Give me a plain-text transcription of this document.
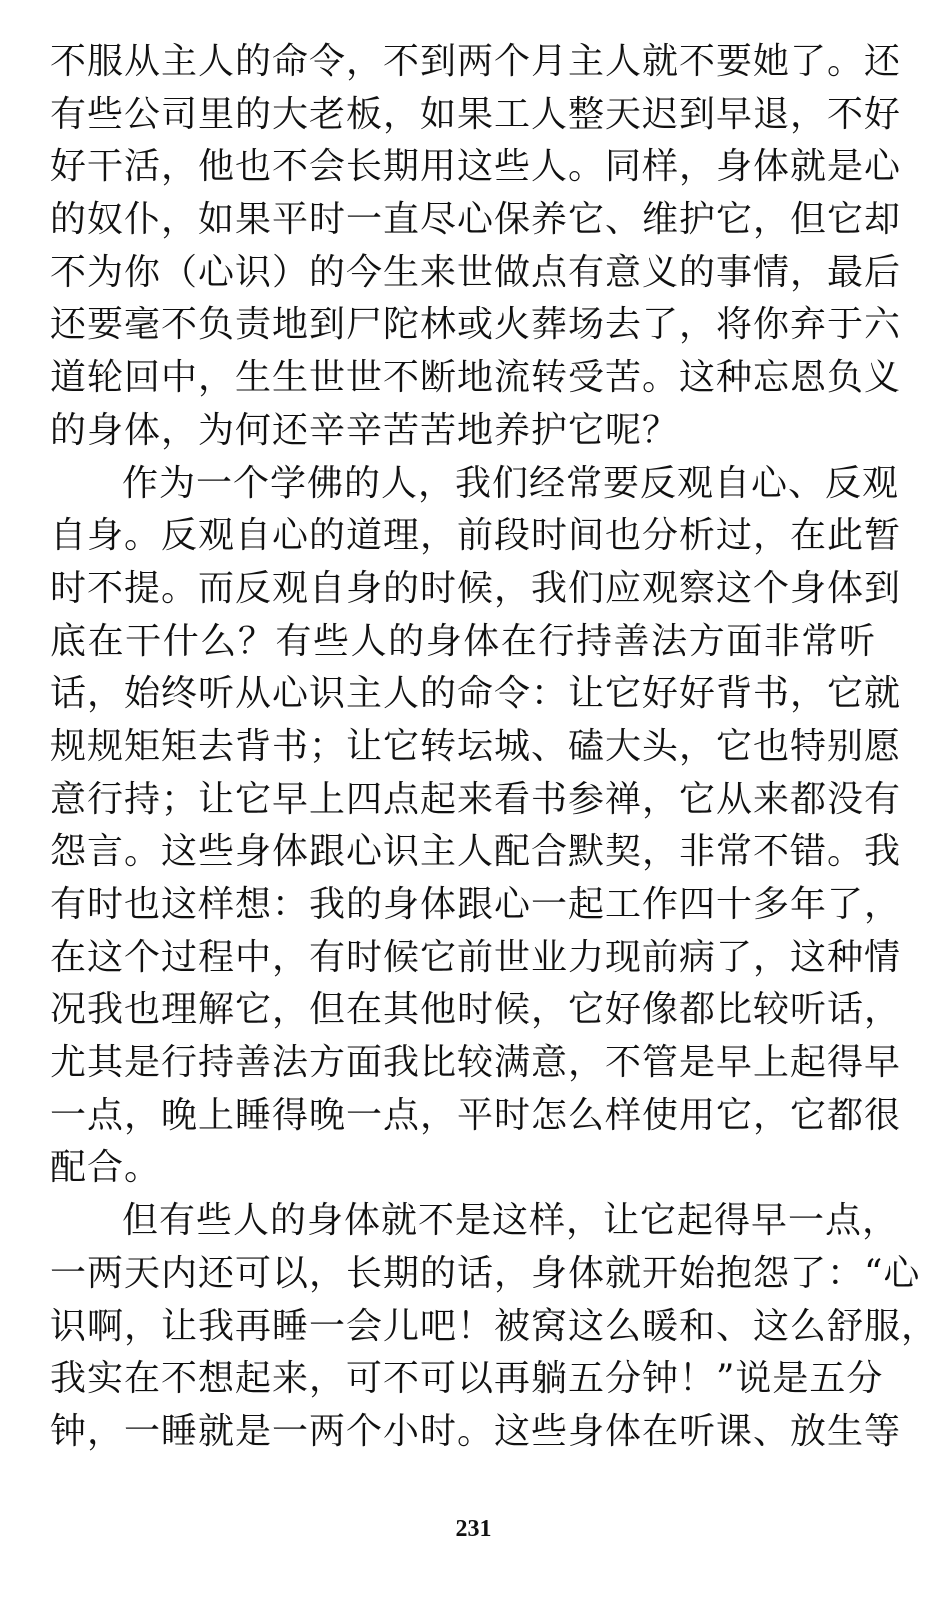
不服从主人的命令，不到两个月主人就不要她了。还
有些公司里的大老板，如果工人整天迟到早退，不好
好干活，他也不会长期用这些人。同样，身体就是心
的奴仆，如果平时一直尽心保养它、维护它，但它却
不为你（心识）的今生来世做点有意义的事情，最后
还要毫不负责地到尸陀林或火葬场去了，将你弃于六
道轮回中，生生世世不断地流转受苦。这种忘恩负义
的身体，为何还辛辛苦苦地养护它呢？
作为一个学佛的人，我们经常要反观自心、反观
自身。反观自心的道理，前段时间也分析过，在此暂
时不提。而反观自身的时候，我们应观察这个身体到
底在干什么？有些人的身体在行持善法方面非常听
话，始终听从心识主人的命令：让它好好背书，它就
规规矩矩去背书；让它转坛城、磕大头，它也特别愿
意行持；让它早上四点起来看书参禅，它从来都没有
怨言。这些身体跟心识主人配合默契，非常不错。我
有时也这样想：我的身体跟心一起工作四十多年了，
在这个过程中，有时候它前世业力现前病了，这种情
况我也理解它，但在其他时候，它好像都比较听话，
尤其是行持善法方面我比较满意，不管是早上起得早
一点，晚上睡得晚一点，平时怎么样使用它，它都很
配合。
但有些人的身体就不是这样，让它起得早一点，
一两天内还可以，长期的话，身体就开始抱怨了：“心
识啊，让我再睡一会儿吧！被窝这么暖和、这么舒服，
我实在不想起来，可不可以再躺五分钟！”说是五分
钟，一睡就是一两个小时。这些身体在听课、放生等
231
